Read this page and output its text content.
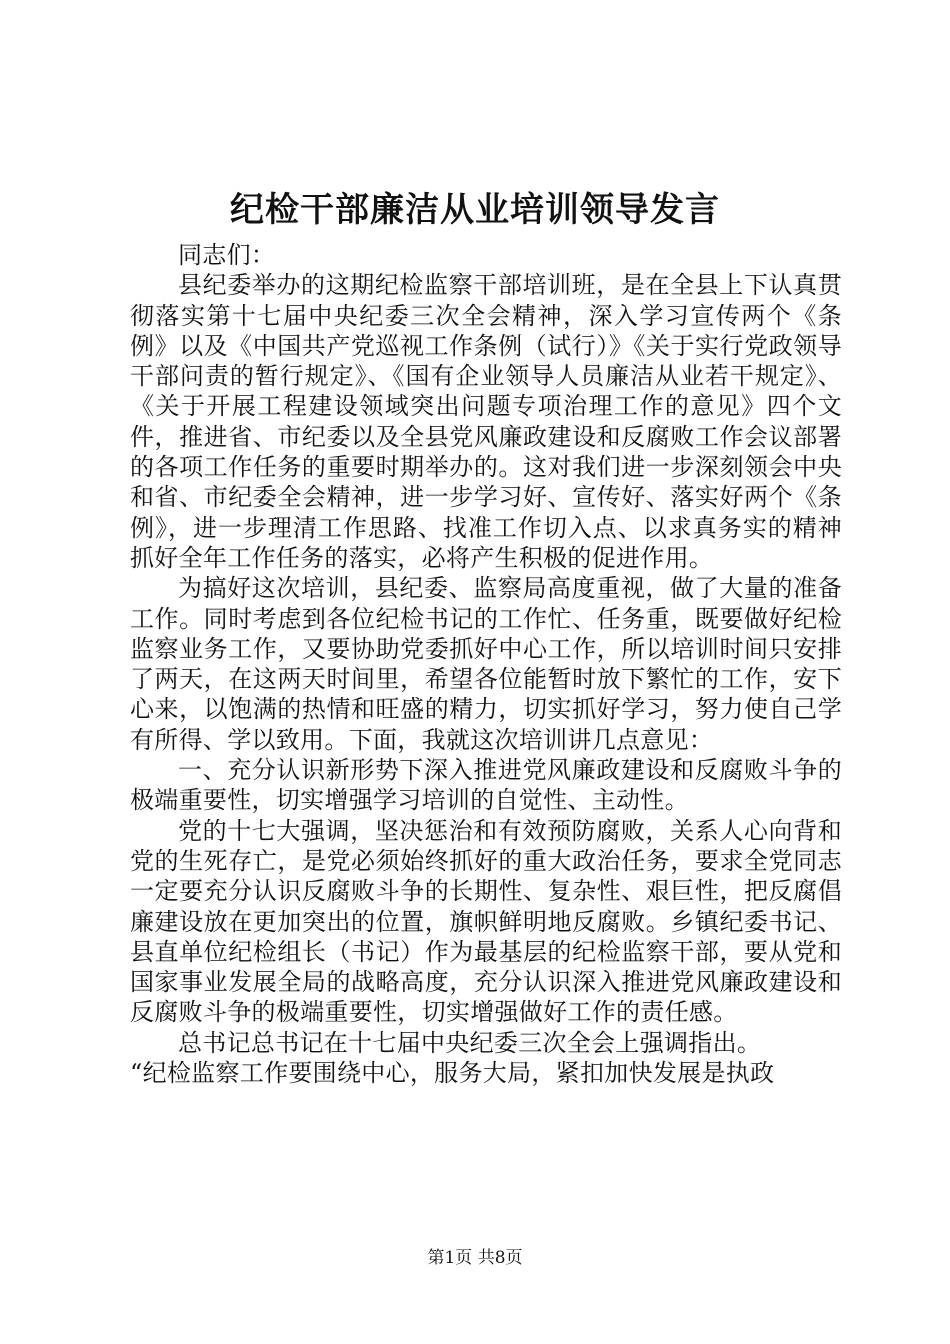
纪检干部廉洁从业培训领导发言

同志们：

县纪委举办的这期纪检监察干部培训班，是在全县上下认真贯彻落实第十七届中央纪委三次全会精神，深入学习宣传两个《条例》以及《中国共产党巡视工作条例（试行）》《关于实行党政领导干部问责的暂行规定》、《国有企业领导人员廉洁从业若干规定》、《关于开展工程建设领域突出问题专项治理工作的意见》四个文件，推进省、市纪委以及全县党风廉政建设和反腐败工作会议部署的各项工作任务的重要时期举办的。这对我们进一步深刻领会中央和省、市纪委全会精神，进一步学习好、宣传好、落实好两个《条例》，进一步理清工作思路、找准工作切入点、以求真务实的精神抓好全年工作任务的落实，必将产生积极的促进作用。

为搞好这次培训，县纪委、监察局高度重视，做了大量的准备工作。同时考虑到各位纪检书记的工作忙、任务重，既要做好纪检监察业务工作，又要协助党委抓好中心工作，所以培训时间只安排了两天，在这两天时间里，希望各位能暂时放下繁忙的工作，安下心来，以饱满的热情和旺盛的精力，切实抓好学习，努力使自己学有所得、学以致用。下面，我就这次培训讲几点意见：

一、充分认识新形势下深入推进党风廉政建设和反腐败斗争的极端重要性，切实增强学习培训的自觉性、主动性。

党的十七大强调，坚决惩治和有效预防腐败，关系人心向背和党的生死存亡，是党必须始终抓好的重大政治任务，要求全党同志一定要充分认识反腐败斗争的长期性、复杂性、艰巨性，把反腐倡廉建设放在更加突出的位置，旗帜鲜明地反腐败。乡镇纪委书记、县直单位纪检组长（书记）作为最基层的纪检监察干部，要从党和国家事业发展全局的战略高度，充分认识深入推进党风廉政建设和反腐败斗争的极端重要性，切实增强做好工作的责任感。

总书记总书记在十七届中央纪委三次全会上强调指出。

“纪检监察工作要围绕中心，服务大局，紧扣加快发展是执政

第1页 共8页
